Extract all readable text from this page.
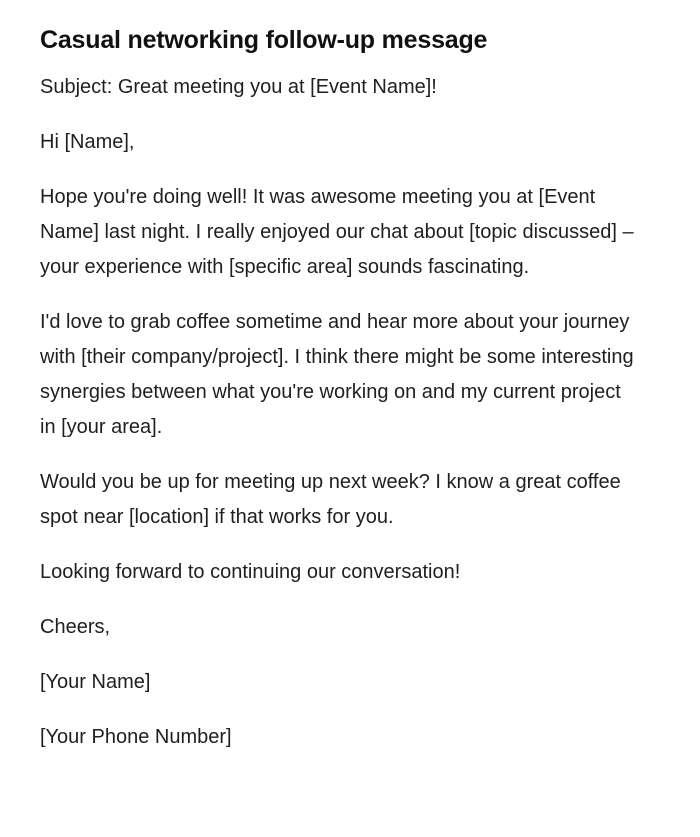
Casual networking follow-up message

Subject: Great meeting you at [Event Name]!

Hi [Name],

Hope you're doing well! It was awesome meeting you at [Event Name] last night. I really enjoyed our chat about [topic discussed] – your experience with [specific area] sounds fascinating.

I'd love to grab coffee sometime and hear more about your journey with [their company/project]. I think there might be some interesting synergies between what you're working on and my current project in [your area].

Would you be up for meeting up next week? I know a great coffee spot near [location] if that works for you.

Looking forward to continuing our conversation!

Cheers,

[Your Name]

[Your Phone Number]
